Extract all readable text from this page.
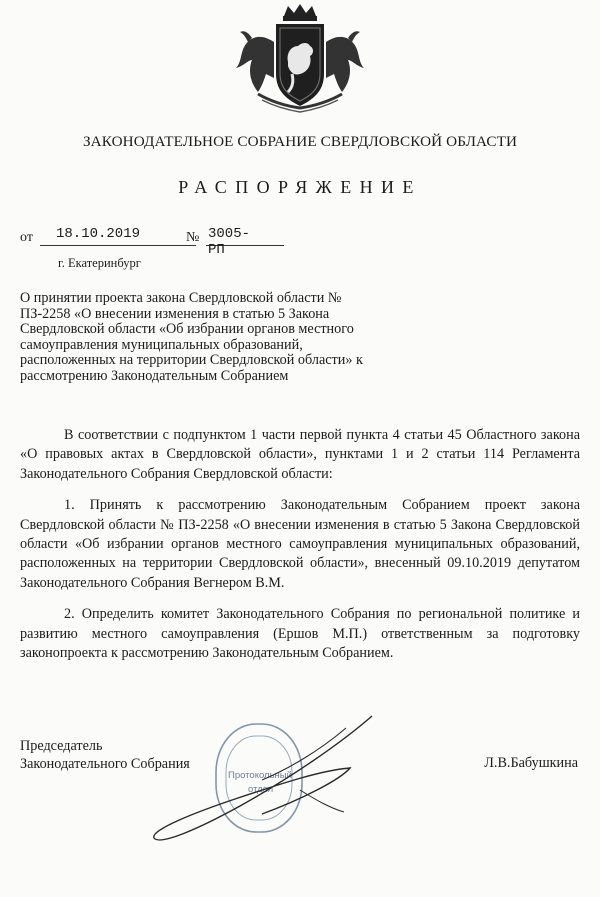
ЗАКОНОДАТЕЛЬНОЕ СОБРАНИЕ СВЕРДЛОВСКОЙ ОБЛАСТИ
РАСПОРЯЖЕНИЕ
от 18.10.2019	№ 3005-РП
г. Екатеринбург
О принятии проекта закона Свердловской области № ПЗ-2258 «О внесении изменения в статью 5 Закона Свердловской области «Об избрании органов местного самоуправления муниципальных образований, расположенных на территории Свердловской области» к рассмотрению Законодательным Собранием

В соответствии с подпунктом 1 части первой пункта 4 статьи 45 Областного закона «О правовых актах в Свердловской области», пунктами 1 и 2 статьи 114 Регламента Законодательного Собрания Свердловской области:

1. Принять к рассмотрению Законодательным Собранием проект закона Свердловской области № ПЗ-2258 «О внесении изменения в статью 5 Закона Свердловской области «Об избрании органов местного самоуправления муниципальных образований, расположенных на территории Свердловской области», внесенный 09.10.2019 депутатом Законодательного Собрания Вегнером В.М.

2. Определить комитет Законодательного Собрания по региональной политике и развитию местного самоуправления (Ершов М.П.) ответственным за подготовку законопроекта к рассмотрению Законодательным Собранием.

Председатель
Законодательного Собрания	Л.В.Бабушкина
Протокольный
отдел
